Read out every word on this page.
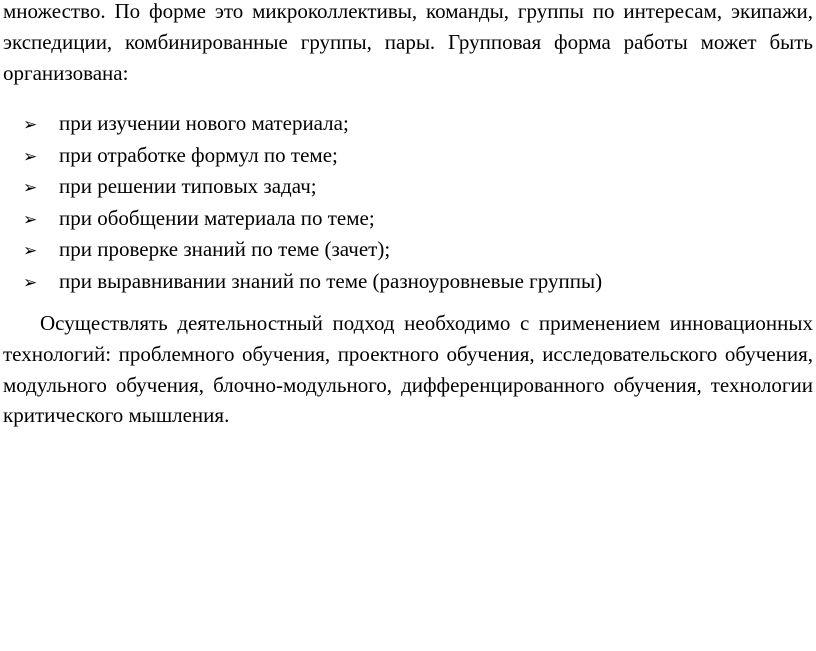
множество. По форме это микроколлективы, команды, группы по интересам, экипажи, экспедиции, комбинированные группы, пары. Групповая форма работы может быть организована:

➢	при изучении нового материала;
➢	при отработке формул по теме;
➢	при решении типовых задач;
➢	при обобщении материала по теме;
➢	при проверке знаний по теме (зачет);
➢	при выравнивании знаний по теме (разноуровневые группы)

Осуществлять деятельностный подход необходимо с применением инновационных технологий: проблемного обучения, проектного обучения, исследовательского обучения, модульного обучения, блочно-модульного, дифференцированного обучения, технологии критического мышления.
